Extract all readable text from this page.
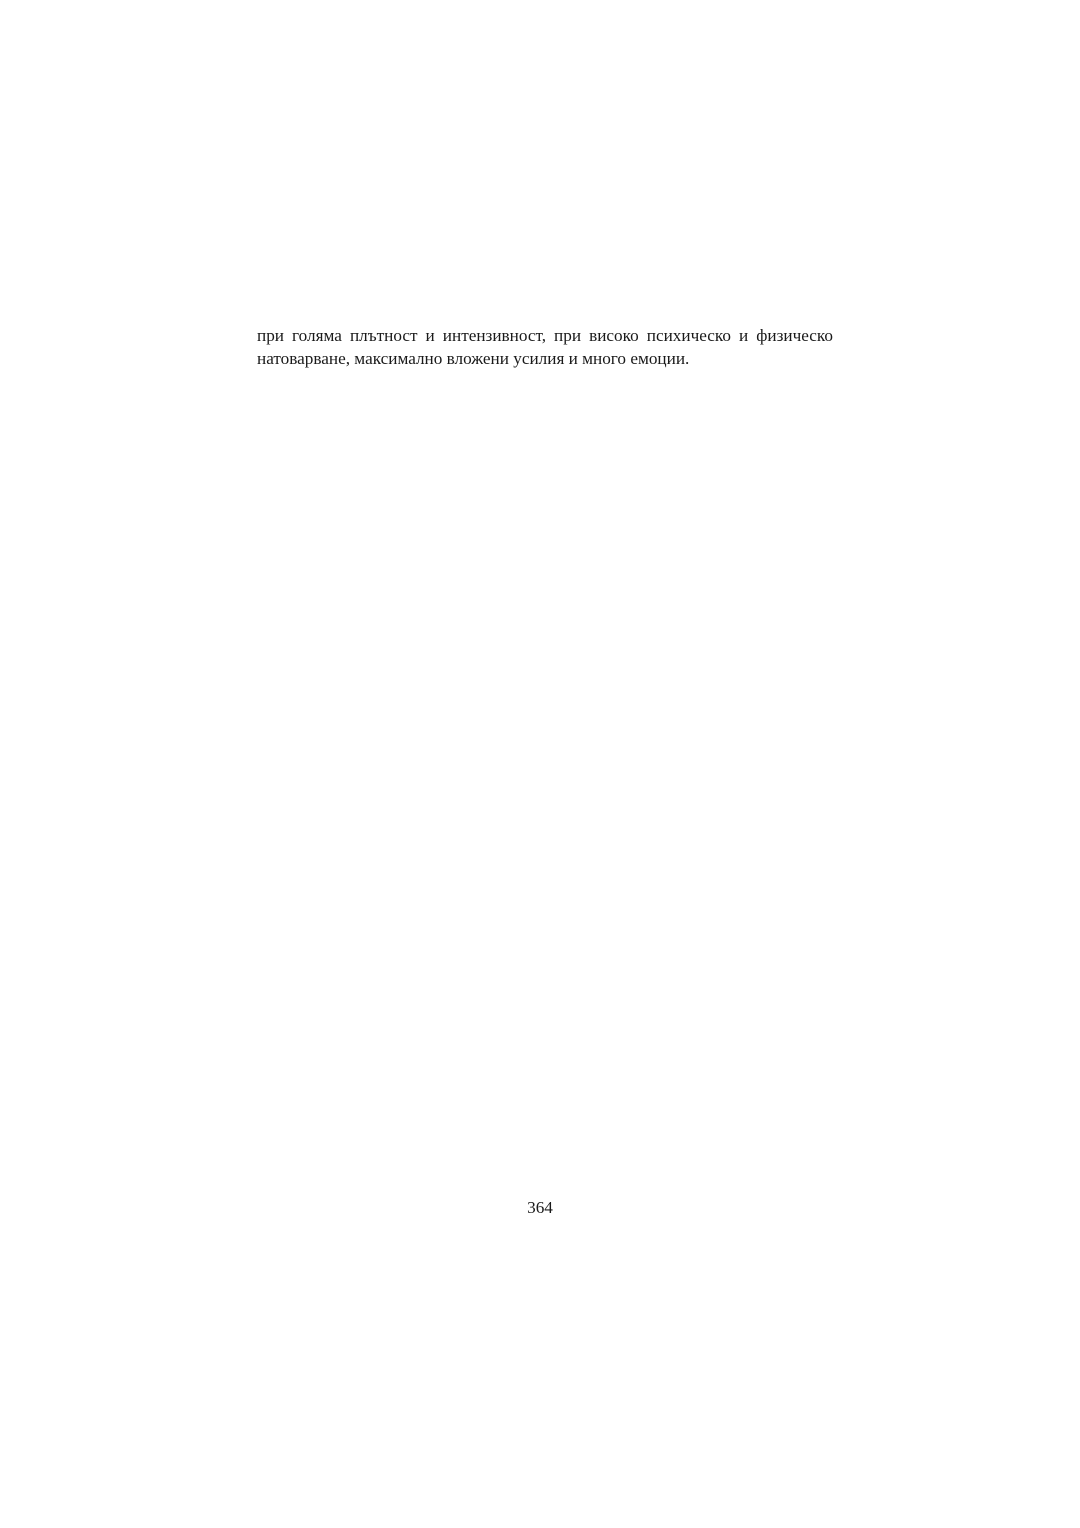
при голяма плътност и интензивност, при високо психическо и физическо

натоварване, максимално вложени усилия и много емоции.

364
